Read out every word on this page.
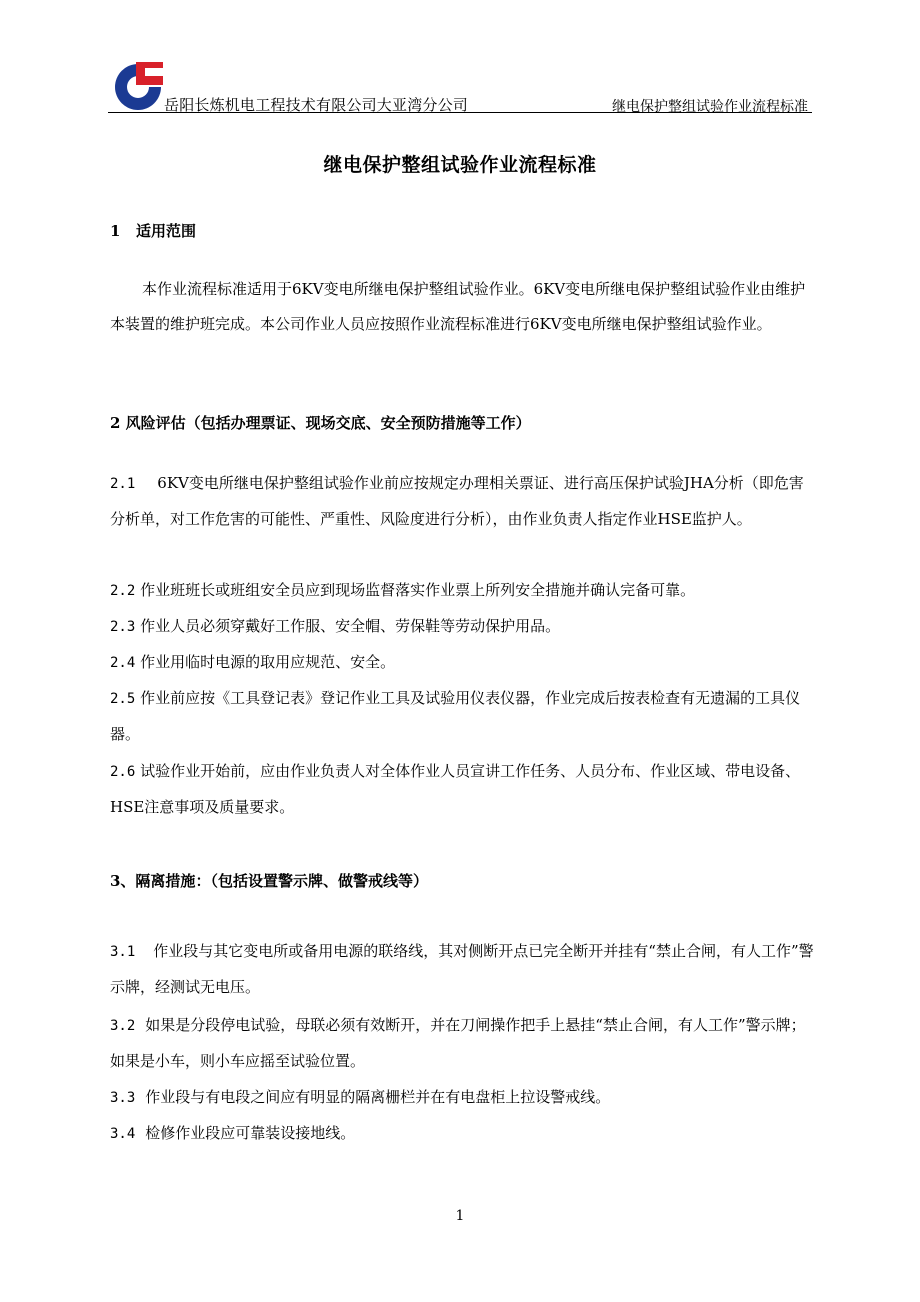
岳阳长炼机电工程技术有限公司大亚湾分公司	继电保护整组试验作业流程标准
继电保护整组试验作业流程标准
1 适用范围
本作业流程标准适用于6KV变电所继电保护整组试验作业。6KV变电所继电保护整组试验作业由维护本装置的维护班完成。本公司作业人员应按照作业流程标准进行6KV变电所继电保护整组试验作业。
2 风险评估（包括办理票证、现场交底、安全预防措施等工作）
2.1 6KV变电所继电保护整组试验作业前应按规定办理相关票证、进行高压保护试验JHA分析（即危害分析单，对工作危害的可能性、严重性、风险度进行分析），由作业负责人指定作业HSE监护人。
2.2 作业班班长或班组安全员应到现场监督落实作业票上所列安全措施并确认完备可靠。
2.3 作业人员必须穿戴好工作服、安全帽、劳保鞋等劳动保护用品。
2.4 作业用临时电源的取用应规范、安全。
2.5 作业前应按《工具登记表》登记作业工具及试验用仪表仪器，作业完成后按表检查有无遗漏的工具仪器。
2.6 试验作业开始前，应由作业负责人对全体作业人员宣讲工作任务、人员分布、作业区域、带电设备、HSE注意事项及质量要求。
3、隔离措施：（包括设置警示牌、做警戒线等）
3.1 作业段与其它变电所或备用电源的联络线，其对侧断开点已完全断开并挂有“禁止合闸，有人工作”警示牌，经测试无电压。
3.2 如果是分段停电试验，母联必须有效断开，并在刀闸操作把手上悬挂“禁止合闸，有人工作”警示牌；如果是小车，则小车应摇至试验位置。
3.3 作业段与有电段之间应有明显的隔离栅栏并在有电盘柜上拉设警戒线。
3.4 检修作业段应可靠装设接地线。
1
